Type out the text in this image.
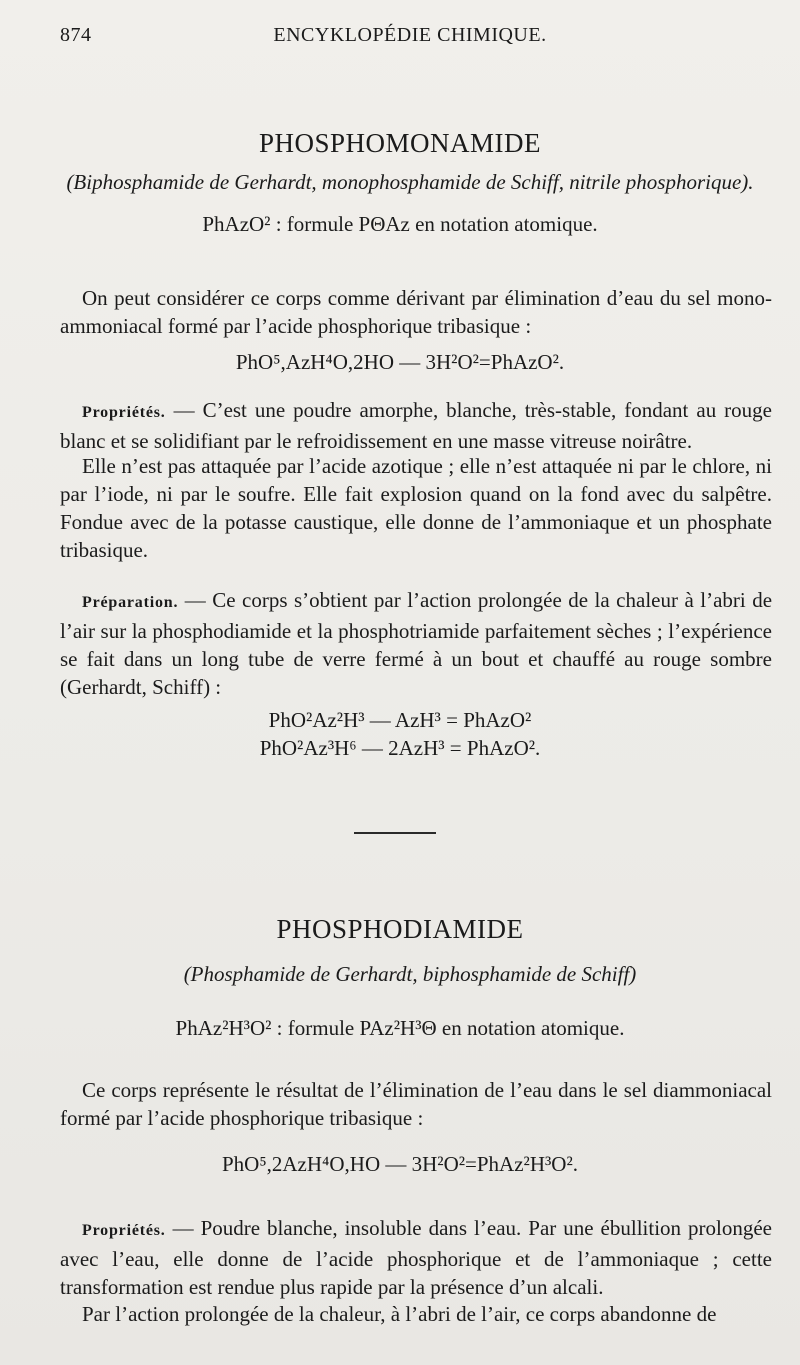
874	ENCYKLOPÉDIE CHIMIQUE.
PHOSPHOMONAMIDE
(Biphosphamide de Gerhardt, monophosphamide de Schiff, nitrile phosphorique).
PhAzO² : formule PΘAz en notation atomique.
On peut considérer ce corps comme dérivant par élimination d’eau du sel mono-ammoniacal formé par l’acide phosphorique tribasique :
PhO⁵,AzH⁴O,2HO — 3H²O²=PhAzO².
Propriétés. — C’est une poudre amorphe, blanche, très-stable, fondant au rouge blanc et se solidifiant par le refroidissement en une masse vitreuse noirâtre.
Elle n’est pas attaquée par l’acide azotique ; elle n’est attaquée ni par le chlore, ni par l’iode, ni par le soufre. Elle fait explosion quand on la fond avec du salpêtre. Fondue avec de la potasse caustique, elle donne de l’ammoniaque et un phosphate tribasique.
Préparation. — Ce corps s’obtient par l’action prolongée de la chaleur à l’abri de l’air sur la phosphodiamide et la phosphotriamide parfaitement sèches ; l’expérience se fait dans un long tube de verre fermé à un bout et chauffé au rouge sombre (Gerhardt, Schiff) :
PhO²Az²H³ — AzH³ = PhAzO²
PhO²Az³H⁶ — 2AzH³ = PhAzO².
PHOSPHODIAMIDE
(Phosphamide de Gerhardt, biphosphamide de Schiff)
PhAz²H³O² : formule PAz²H³Θ en notation atomique.
Ce corps représente le résultat de l’élimination de l’eau dans le sel diammoniacal formé par l’acide phosphorique tribasique :
PhO⁵,2AzH⁴O,HO — 3H²O²=PhAz²H³O².
Propriétés. — Poudre blanche, insoluble dans l’eau. Par une ébullition prolongée avec l’eau, elle donne de l’acide phosphorique et de l’ammoniaque ; cette transformation est rendue plus rapide par la présence d’un alcali.
Par l’action prolongée de la chaleur, à l’abri de l’air, ce corps abandonne de
